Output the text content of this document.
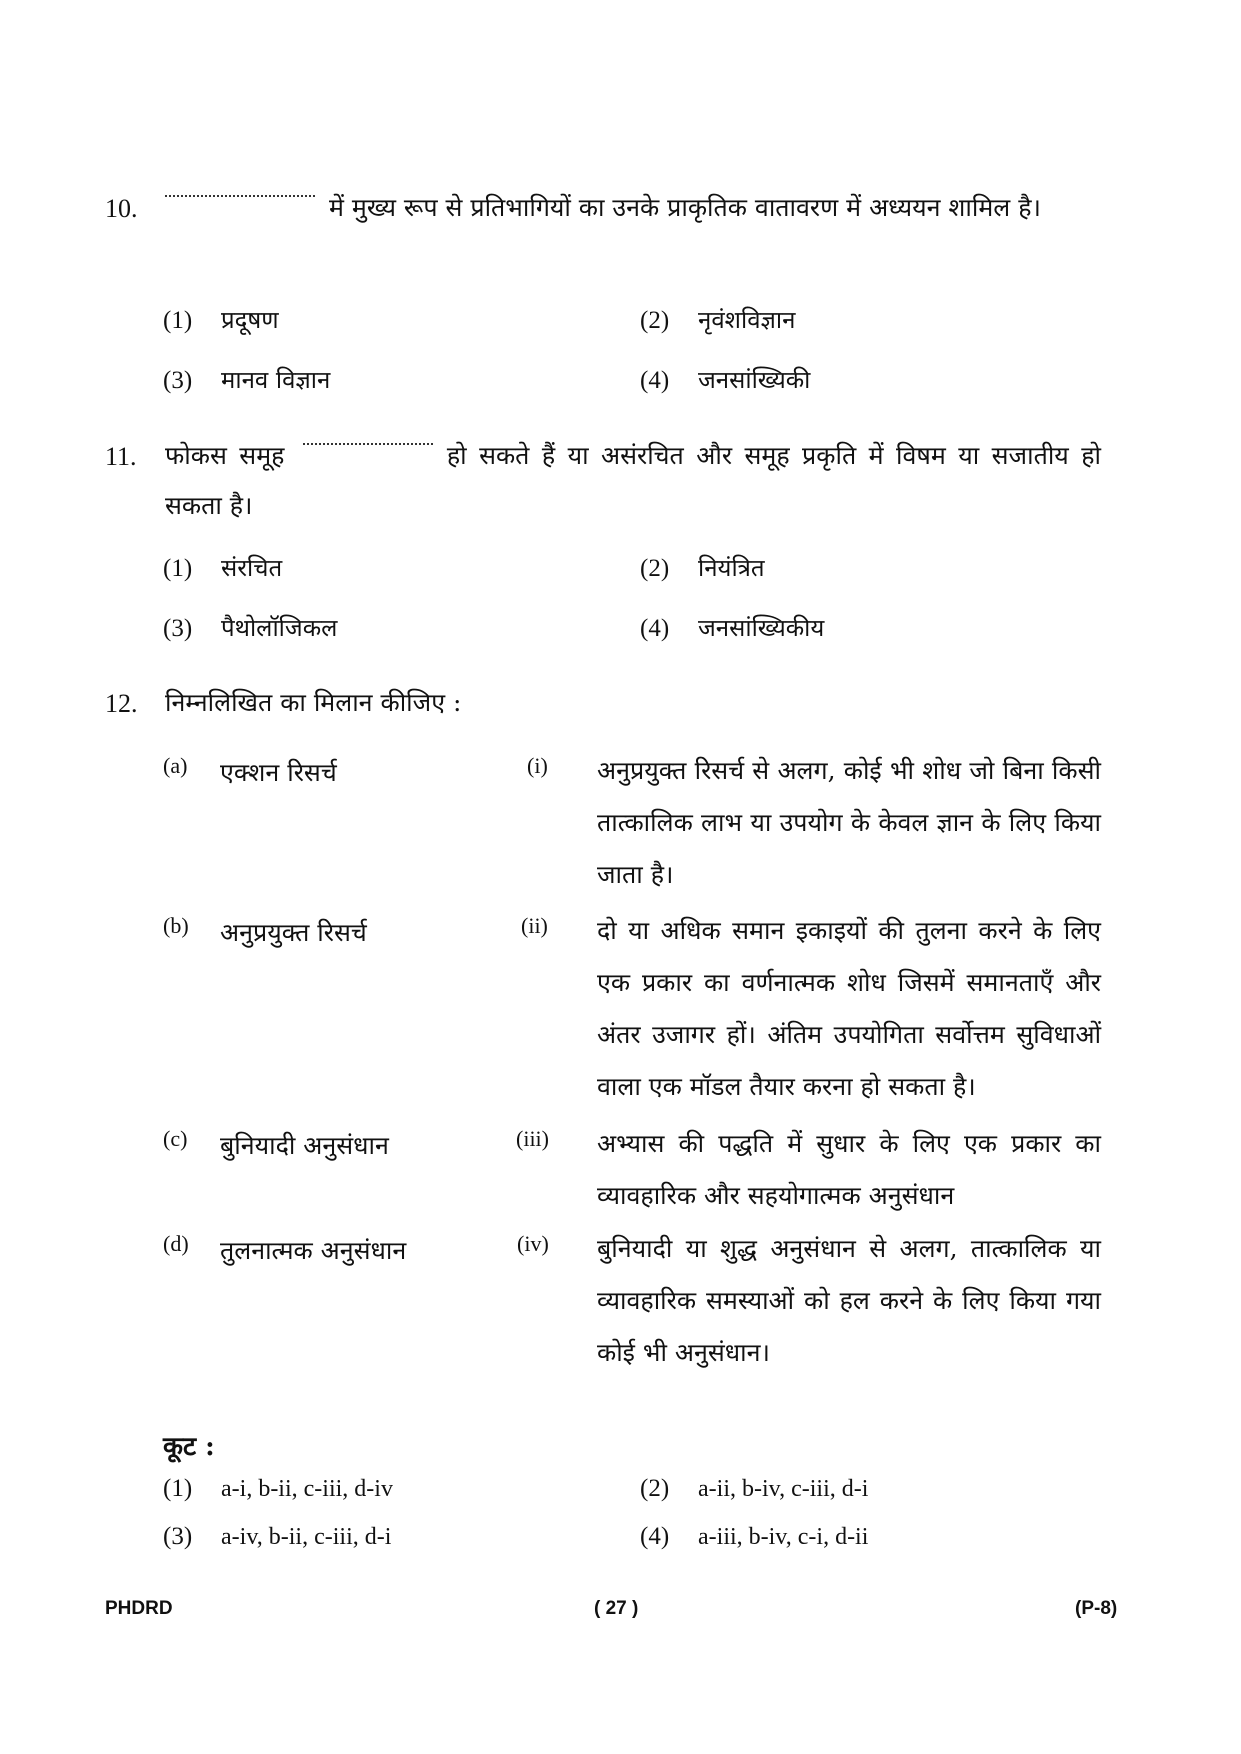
10.	में मुख्य रूप से प्रतिभागियों का उनके प्राकृतिक वातावरण में अध्ययन शामिल है।
(1) प्रदूषण	(2) नृवंशविज्ञान
(3) मानव विज्ञान	(4) जनसांख्यिकी
11. फोकस समूह	हो सकते हैं या असंरचित और समूह प्रकृति में विषम या सजातीय हो सकता है।
(1) संरचित	(2) नियंत्रित
(3) पैथोलॉजिकल	(4) जनसांख्यिकीय
12. निम्नलिखित का मिलान कीजिए :
(a) एक्शन रिसर्च	(i) अनुप्रयुक्त रिसर्च से अलग, कोई भी शोध जो बिना किसी तात्कालिक लाभ या उपयोग के केवल ज्ञान के लिए किया जाता है।
(b) अनुप्रयुक्त रिसर्च	(ii) दो या अधिक समान इकाइयों की तुलना करने के लिए एक प्रकार का वर्णनात्मक शोध जिसमें समानताएँ और अंतर उजागर हों। अंतिम उपयोगिता सर्वोत्तम सुविधाओं वाला एक मॉडल तैयार करना हो सकता है।
(c) बुनियादी अनुसंधान	(iii) अभ्यास की पद्धति में सुधार के लिए एक प्रकार का व्यावहारिक और सहयोगात्मक अनुसंधान
(d) तुलनात्मक अनुसंधान	(iv) बुनियादी या शुद्ध अनुसंधान से अलग, तात्कालिक या व्यावहारिक समस्याओं को हल करने के लिए किया गया कोई भी अनुसंधान।
कूट :
(1) a-i, b-ii, c-iii, d-iv	(2) a-ii, b-iv, c-iii, d-i
(3) a-iv, b-ii, c-iii, d-i	(4) a-iii, b-iv, c-i, d-ii
PHDRD	( 27 )	(P-8)
